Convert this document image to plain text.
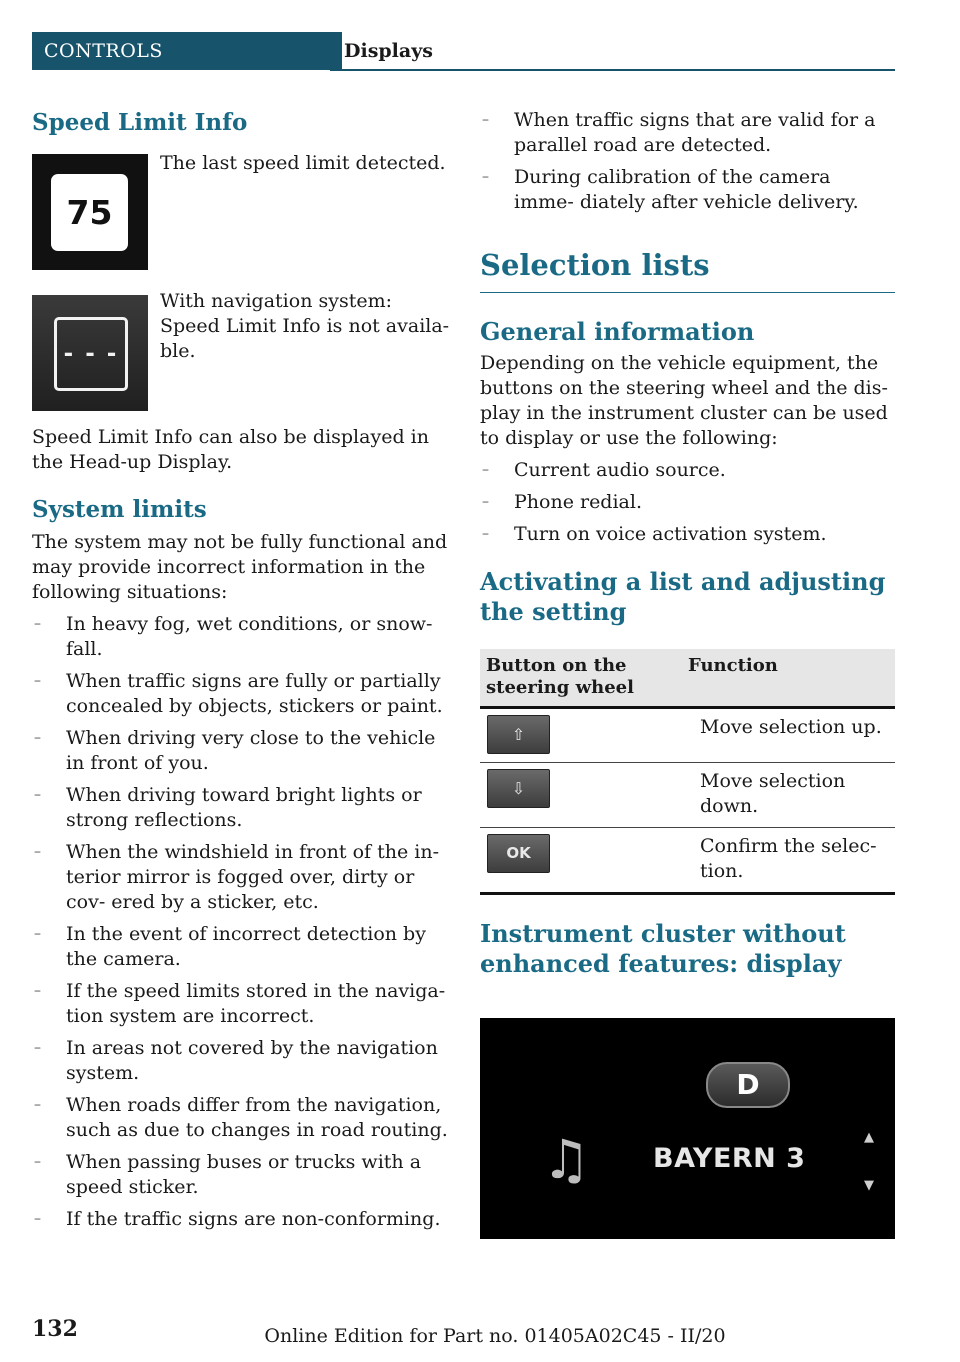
CONTROLS	Displays
Speed Limit Info
75

The last speed limit detected.

- - -

With navigation system: Speed Limit Info is not availa‐ ble.

Speed Limit Info can also be displayed in the Head-up Display.

System limits

The system may not be fully functional and may provide incorrect information in the following situations:

– In heavy fog, wet conditions, or snow‐ fall.
– When traffic signs are fully or partially concealed by objects, stickers or paint.
– When driving very close to the vehicle in front of you.
– When driving toward bright lights or strong reflections.
– When the windshield in front of the in‐ terior mirror is fogged over, dirty or cov‐ ered by a sticker, etc.
– In the event of incorrect detection by the camera.
– If the speed limits stored in the naviga‐ tion system are incorrect.
– In areas not covered by the navigation system.
– When roads differ from the navigation, such as due to changes in road routing.
– When passing buses or trucks with a speed sticker.
– If the traffic signs are non-conforming.
– When traffic signs that are valid for a parallel road are detected.
– During calibration of the camera imme‐ diately after vehicle delivery.
Selection lists
General information

Depending on the vehicle equipment, the buttons on the steering wheel and the dis‐ play in the instrument cluster can be used to display or use the following:

– Current audio source.
– Phone redial.
– Turn on voice activation system.
Activating a list and adjusting the setting
Button on the steering wheel	Function

⇧	Move selection up.

⇩	Move selection down.

OK	Confirm the selec‐ tion.
Instrument cluster without enhanced features: display
D
♫ BAYERN 3
▲
▼
132	Online Edition for Part no. 01405A02C45 - II/20
